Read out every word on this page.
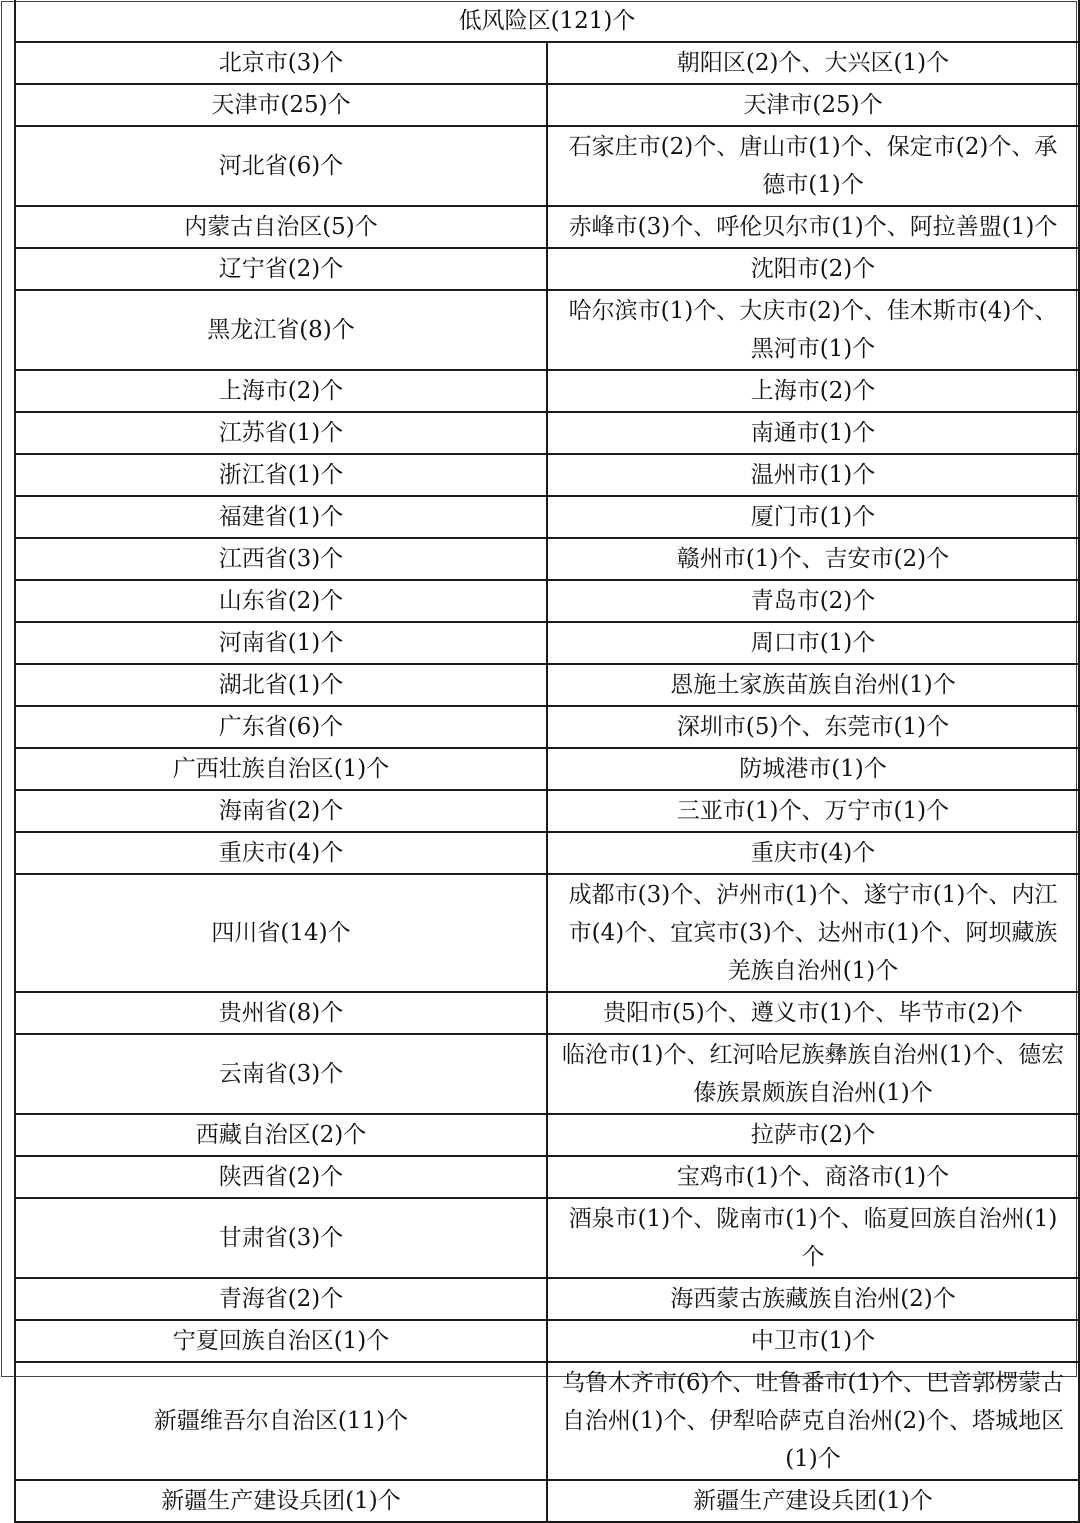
低风险区(121)个	
北京市(3)个	朝阳区(2)个、大兴区(1)个
天津市(25)个	天津市(25)个
河北省(6)个	石家庄市(2)个、唐山市(1)个、保定市(2)个、承德市(1)个
内蒙古自治区(5)个	赤峰市(3)个、呼伦贝尔市(1)个、阿拉善盟(1)个
辽宁省(2)个	沈阳市(2)个
黑龙江省(8)个	哈尔滨市(1)个、大庆市(2)个、佳木斯市(4)个、黑河市(1)个
上海市(2)个	上海市(2)个
江苏省(1)个	南通市(1)个
浙江省(1)个	温州市(1)个
福建省(1)个	厦门市(1)个
江西省(3)个	赣州市(1)个、吉安市(2)个
山东省(2)个	青岛市(2)个
河南省(1)个	周口市(1)个
湖北省(1)个	恩施土家族苗族自治州(1)个
广东省(6)个	深圳市(5)个、东莞市(1)个
广西壮族自治区(1)个	防城港市(1)个
海南省(2)个	三亚市(1)个、万宁市(1)个
重庆市(4)个	重庆市(4)个
四川省(14)个	成都市(3)个、泸州市(1)个、遂宁市(1)个、内江市(4)个、宜宾市(3)个、达州市(1)个、阿坝藏族羌族自治州(1)个
贵州省(8)个	贵阳市(5)个、遵义市(1)个、毕节市(2)个
云南省(3)个	临沧市(1)个、红河哈尼族彝族自治州(1)个、德宏傣族景颇族自治州(1)个
西藏自治区(2)个	拉萨市(2)个
陕西省(2)个	宝鸡市(1)个、商洛市(1)个
甘肃省(3)个	酒泉市(1)个、陇南市(1)个、临夏回族自治州(1)个
青海省(2)个	海西蒙古族藏族自治州(2)个
宁夏回族自治区(1)个	中卫市(1)个
新疆维吾尔自治区(11)个	乌鲁木齐市(6)个、吐鲁番市(1)个、巴音郭楞蒙古自治州(1)个、伊犁哈萨克自治州(2)个、塔城地区(1)个
新疆生产建设兵团(1)个	新疆生产建设兵团(1)个
